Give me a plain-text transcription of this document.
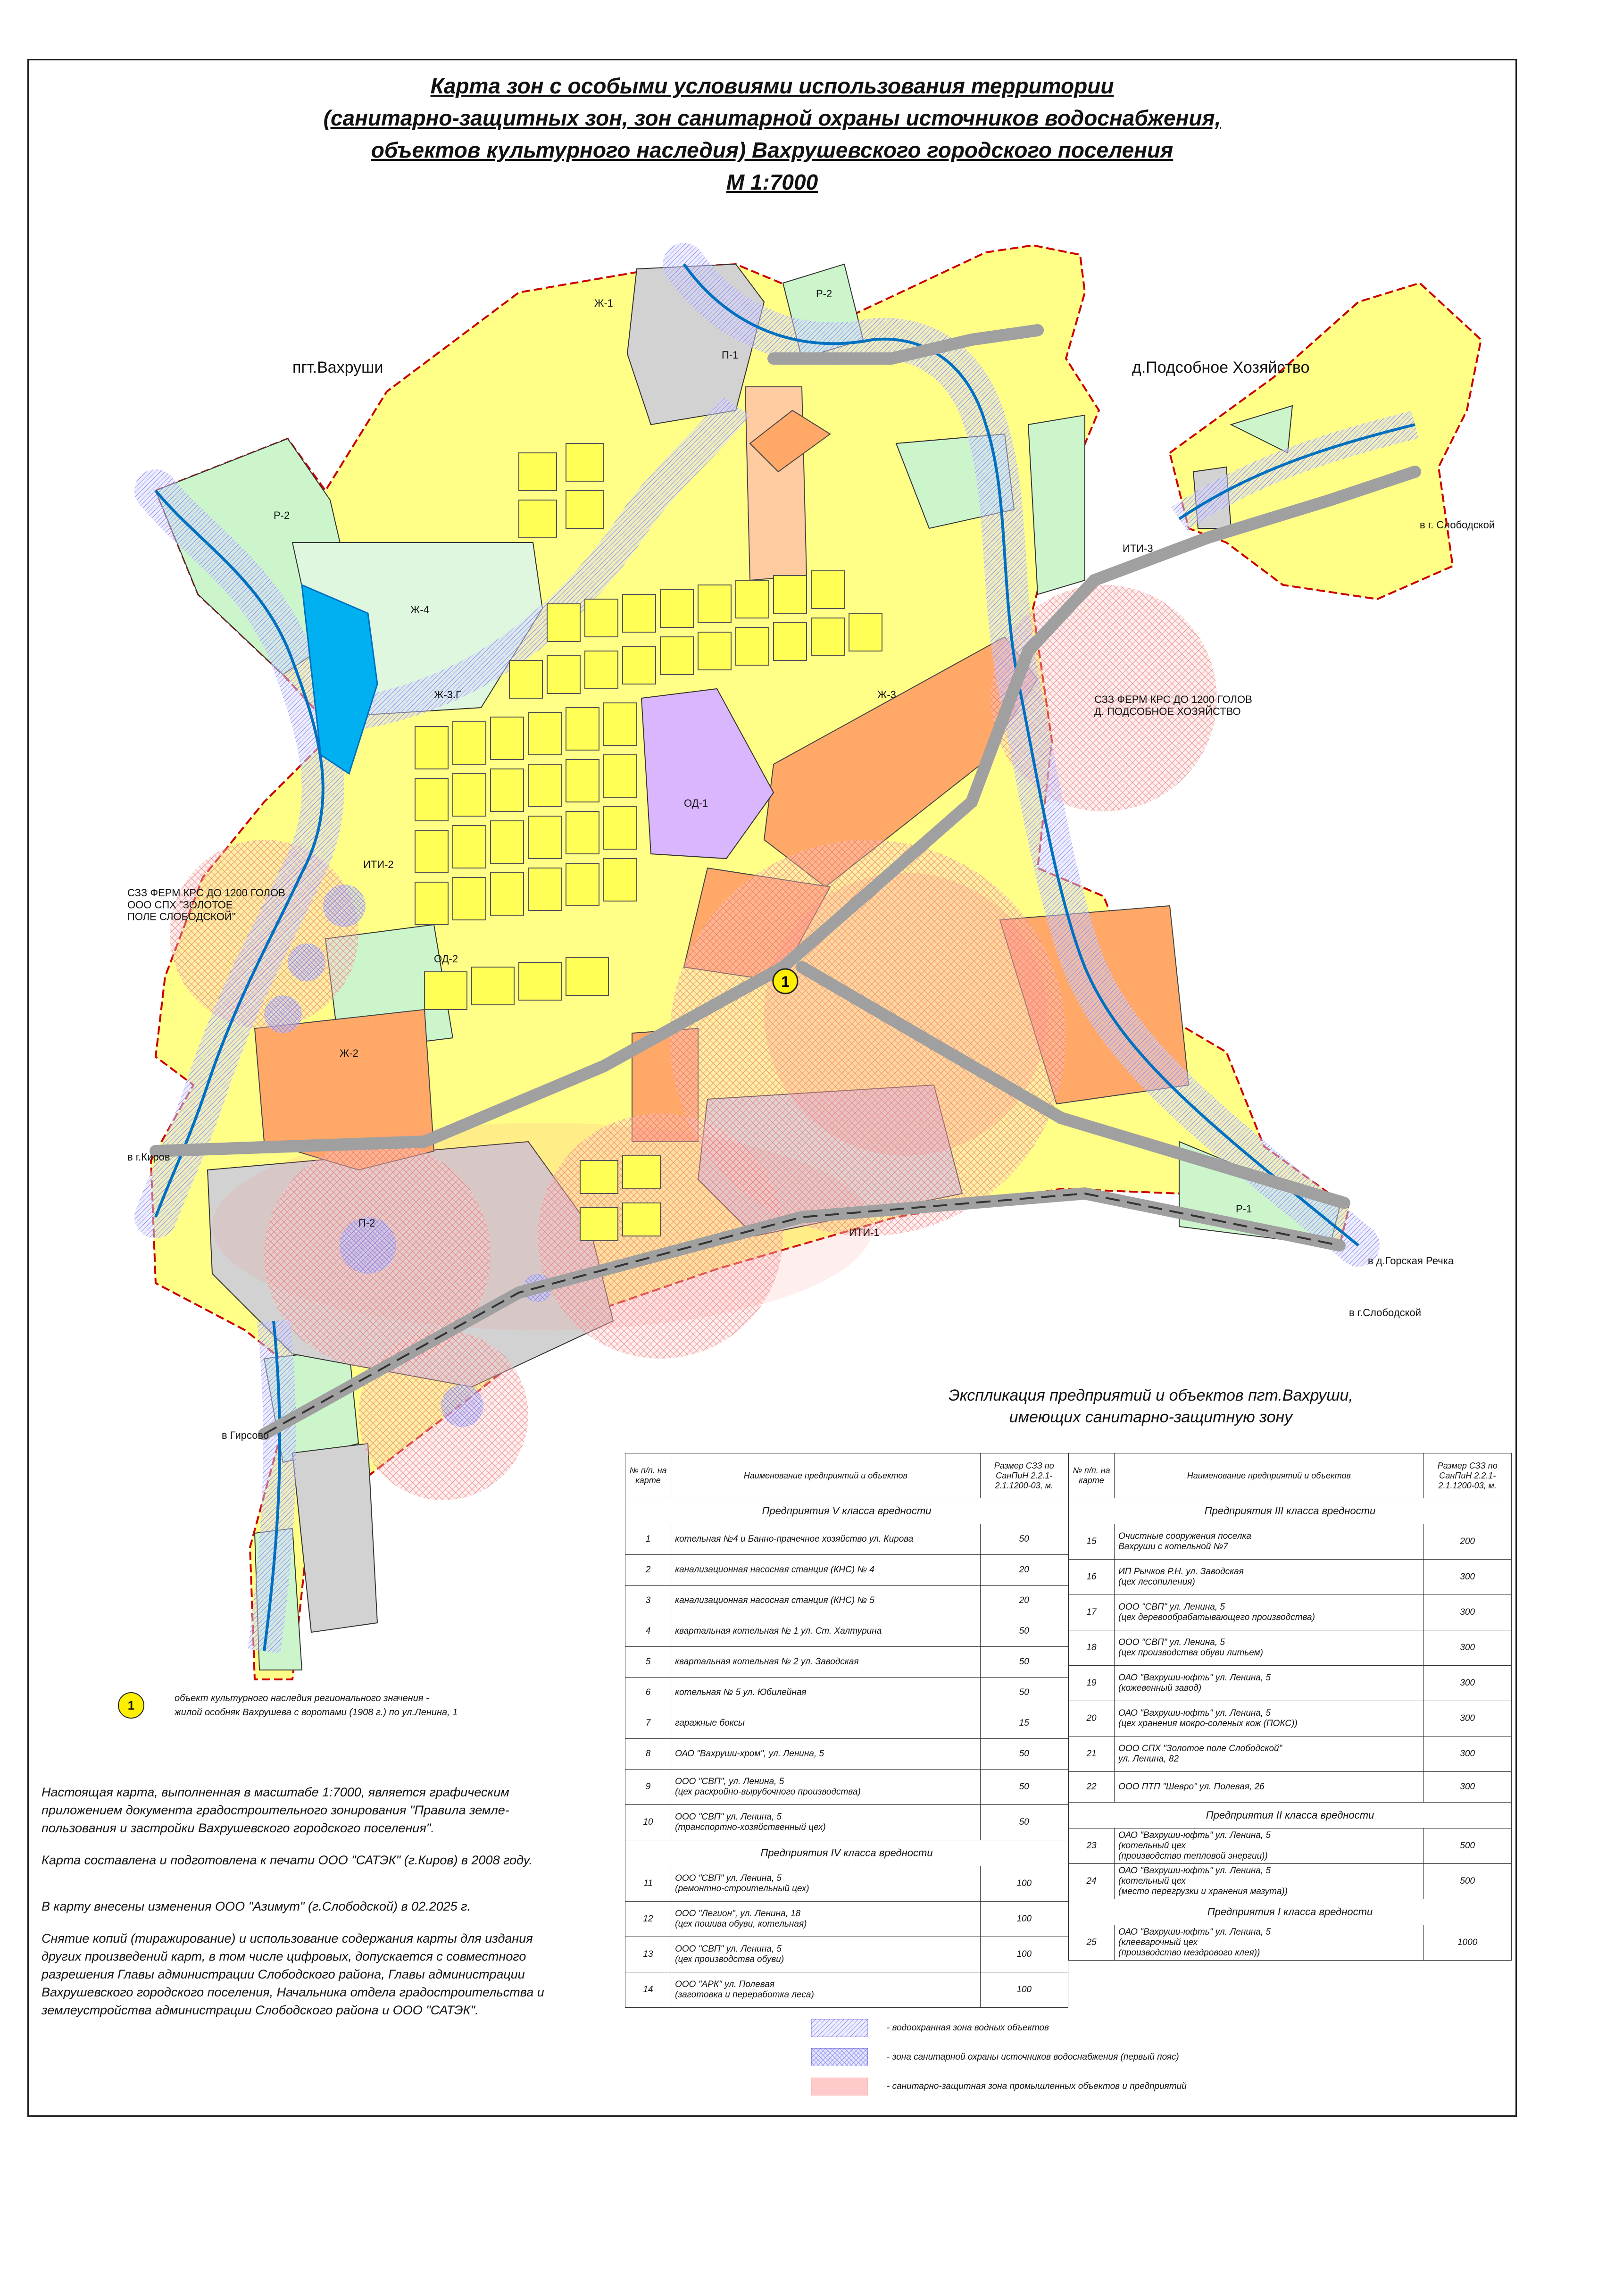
Карта зон с особыми условиями использования территории
(санитарно-защитных зон, зон санитарной охраны источников водоснабжения,
объектов культурного наследия) Вахрушевского городского поселения
М 1:7000
1
пгт.Вахруши	д.Подсобное Хозяйство
в г. Слободской
в д.Горская Речка
в г.Слободской
в г.Киров
в Гирсово
СЗЗ ФЕРМ КРС ДО 1200 ГОЛОВ Д. ПОДСОБНОЕ ХОЗЯЙСТВО
СЗЗ ФЕРМ КРС ДО 1200 ГОЛОВ ООО СПХ "ЗОЛОТОЕ ПОЛЕ СЛОБОДСКОЙ"
Ж-1
Р-2
П-1
Р-2
Ж-4
ОД-1
Ж-3
Ж-3.Г
ИТИ-2
ИТИ-3
ИТИ-1
П-2
ОД-2
Ж-2
Р-1
Экспликация предприятий и объектов пгт.Вахруши,
имеющих санитарно-защитную зону
№ п/п. на карте	Наименование предприятий и объектов	Размер СЗЗ по СанПиН 2.2.1-2.1.1200-03, м.
Предприятия V класса вредности		
1	котельная №4 и Банно-прачечное хозяйство ул. Кирова	50
2	канализационная насосная станция (КНС) № 4	20
3	канализационная насосная станция (КНС) № 5	20
4	квартальная котельная № 1 ул. Ст. Халтурина	50
5	квартальная котельная № 2 ул. Заводская	50
6	котельная № 5 ул. Юбилейная	50
7	гаражные боксы	15
8	ОАО "Вахруши-хром", ул. Ленина, 5	50
9	ООО "СВП", ул. Ленина, 5
(цех раскройно-вырубочного производства)	50
10	ООО "СВП" ул. Ленина, 5
(транспортно-хозяйственный цех)	50
Предприятия IV класса вредности		
11	ООО "СВП" ул. Ленина, 5
(ремонтно-строительный цех)	100
12	ООО "Легион", ул. Ленина, 18
(цех пошива обуви, котельная)	100
13	ООО "СВП" ул. Ленина, 5
(цех производства обуви)	100
14	ООО "АРК" ул. Полевая
(заготовка и переработка леса)	100
№ п/п. на карте	Наименование предприятий и объектов	Размер СЗЗ по СанПиН 2.2.1-2.1.1200-03, м.
Предприятия III класса вредности		
15	Очистные сооружения поселка
Вахруши с котельной №7	200
16	ИП Рычков Р.Н. ул. Заводская
(цех лесопиления)	300
17	ООО "СВП" ул. Ленина, 5
(цех деревообрабатывающего производства)	300
18	ООО "СВП" ул. Ленина, 5
(цех производства обуви литьем)	300
19	ОАО "Вахруши-юфть" ул. Ленина, 5
(кожевенный завод)	300
20	ОАО "Вахруши-юфть" ул. Ленина, 5
(цех хранения мокро-соленых кож (ПОКС))	300
21	ООО СПХ "Золотое поле Слободской"
ул. Ленина, 82	300
22	ООО ПТП "Шевро" ул. Полевая, 26	300
Предприятия II класса вредности		
23	ОАО "Вахруши-юфть" ул. Ленина, 5
(котельный цех
(производство тепловой энергии))	500
24	ОАО "Вахруши-юфть" ул. Ленина, 5
(котельный цех
(место перегрузки и хранения мазута))	500
Предприятия I класса вредности		
25	ОАО "Вахруши-юфть" ул. Ленина, 5
(клееварочный цех
(производство мездрового клея))	1000
1	объект культурного наследия регионального значения -
жилой особняк Вахрушева с воротами (1908 г.) по ул.Ленина, 1

Настоящая карта, выполненная в масштабе 1:7000, является графическим приложением документа градостроительного зонирования "Правила земле-пользования и застройки Вахрушевского городского поселения".

Карта составлена и подготовлена к печати ООО "САТЭК" (г.Киров) в 2008 году.

В карту внесены изменения ООО "Азимут" (г.Слободской) в 02.2025 г.

Снятие копий (тиражирование) и использование содержания карты для издания других произведений карт, в том числе цифровых, допускается с совместного разрешения Главы администрации Слободского района, Главы администрации Вахрушевского городского поселения, Начальника отдела градостроительства и землеустройства администрации Слободского района и ООО "САТЭК".

- водоохранная зона водных объектов
- зона санитарной охраны источников водоснабжения (первый пояс)
- санитарно-защитная зона промышленных объектов и предприятий
